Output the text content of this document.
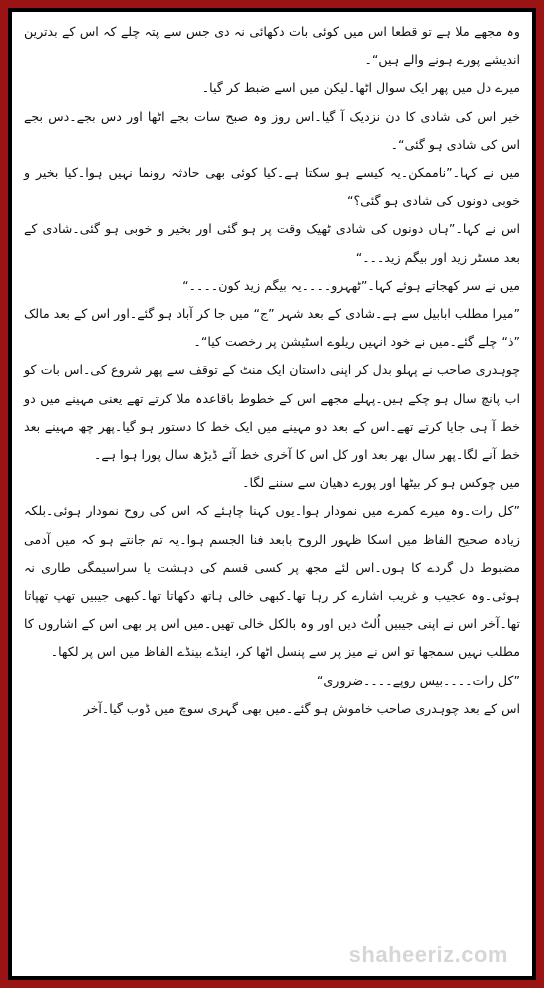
وہ مجھے ملا ہے تو قطعا اس میں کوئی بات دکھائی نہ دی جس سے پتہ چلے کہ اس کے بدترین اندیشے پورے ہونے والے ہیں“۔

میرے دل میں پھر ایک سوال اٹھا۔لیکن میں اسے ضبط کر گیا۔

خیر اس کی شادی کا دن نزدیک آ گیا۔اس روز وہ صبح سات بجے اٹھا اور دس بجے۔دس بجے اس کی شادی ہو گئی“۔

میں نے کہا۔”ناممکن۔یہ کیسے ہو سکتا ہے۔کیا کوئی بھی حادثہ رونما نہیں ہوا۔کیا بخیر و خوبی دونوں کی شادی ہو گئی؟“

اس نے کہا۔”ہاں دونوں کی شادی ٹھیک وقت پر ہو گئی اور بخیر و خوبی ہو گئی۔شادی کے بعد مسٹر زید اور بیگم زید۔۔۔“

میں نے سر کھجاتے ہوئے کہا۔”ٹھہرو۔۔۔۔یہ بیگم زید کون۔۔۔۔“

”میرا مطلب ابابیل سے ہے۔شادی کے بعد شہر ”ج“ میں جا کر آباد ہو گئے۔اور اس کے بعد مالک ”ذ“ چلے گئے۔میں نے خود انہیں ریلوے اسٹیشن پر رخصت کیا“۔

چوہدری صاحب نے پہلو بدل کر اپنی داستان ایک منٹ کے توقف سے پھر شروع کی۔اس بات کو اب پانچ سال ہو چکے ہیں۔پہلے مجھے اس کے خطوط باقاعدہ ملا کرتے تھے یعنی مہینے میں دو خط آ ہی جایا کرتے تھے۔اس کے بعد دو مہینے میں ایک خط کا دستور ہو گیا۔پھر چھ مہینے بعد خط آنے لگا۔پھر سال بھر بعد اور کل اس کا آخری خط آئے ڈیڑھ سال پورا ہوا ہے۔

میں چوکس ہو کر بیٹھا اور پورے دھیان سے سننے لگا۔

”کل رات۔وہ میرے کمرے میں نمودار ہوا۔یوں کہنا چاہئے کہ اس کی روح نمودار ہوئی۔بلکہ زیادہ صحیح الفاظ میں اسکا ظہور الروح بابعد فنا الجسم ہوا۔یہ تم جانتے ہو کہ میں آدمی مضبوط دل گردے کا ہوں۔اس لئے مجھ پر کسی قسم کی دہشت یا سراسیمگی طاری نہ ہوئی۔وہ عجیب و غریب اشارے کر رہا تھا۔کبھی خالی ہاتھ دکھاتا تھا۔کبھی جیبیں تھپ تھپاتا تھا۔آخر اس نے اپنی جیبیں اُلٹ دیں اور وہ بالکل خالی تھیں۔میں اس پر بھی اس کے اشاروں کا مطلب نہیں سمجھا تو اس نے میز پر سے پنسل اٹھا کر، اینڈے بینڈے الفاظ میں اس پر لکھا۔

”کل رات۔۔۔۔بیس روپے۔۔۔۔ضروری“

اس کے بعد چوہدری صاحب خاموش ہو گئے۔میں بھی گہری سوچ میں ڈوب گیا۔آخر

shaheeriz.com
